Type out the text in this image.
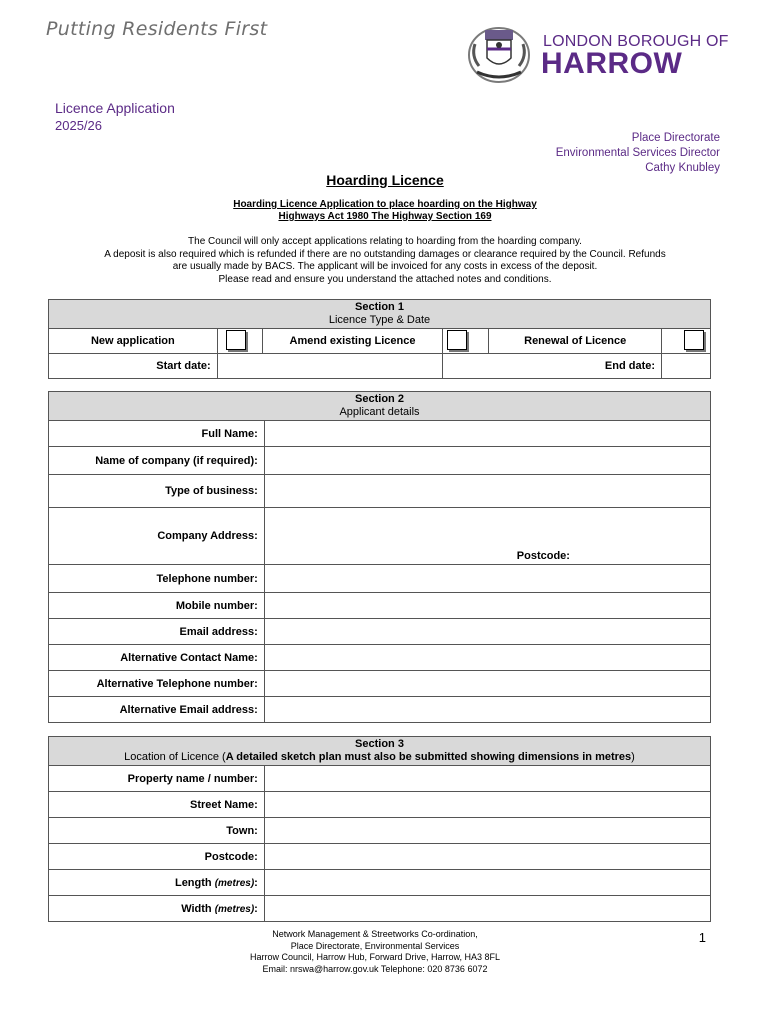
Putting Residents First
LONDON BOROUGH OF
HARROW
Licence Application
2025/26
Place Directorate
Environmental Services Director
Cathy Knubley
Hoarding Licence
Hoarding Licence Application to place hoarding on the Highway
Highways Act 1980 The Highway Section 169
The Council will only accept applications relating to hoarding from the hoarding company.
A deposit is also required which is refunded if there are no outstanding damages or clearance required by the Council. Refunds
are usually made by BACS. The applicant will be invoiced for any costs in excess of the deposit.
Please read and ensure you understand the attached notes and conditions.
Section 1
Licence Type & Date					

New application		Amend existing Licence		Renewal of Licence	
Start date:			End date:		
Section 2
Applicant details	

Full Name:	
Name of company (if required):	
Type of business:	
Company Address:	Postcode:
Telephone number:	
Mobile number:	
Email address:	
Alternative Contact Name:	
Alternative Telephone number:	
Alternative Email address:	
Section 3
Location of Licence (A detailed sketch plan must also be submitted showing dimensions in metres)	

Property name / number:	
Street Name:	
Town:	
Postcode:	
Length (metres):	
Width (metres):	
Network Management & Streetworks Co-ordination,
Place Directorate, Environmental Services
Harrow Council, Harrow Hub, Forward Drive, Harrow, HA3 8FL
Email: nrswa@harrow.gov.uk Telephone: 020 8736 6072
1
